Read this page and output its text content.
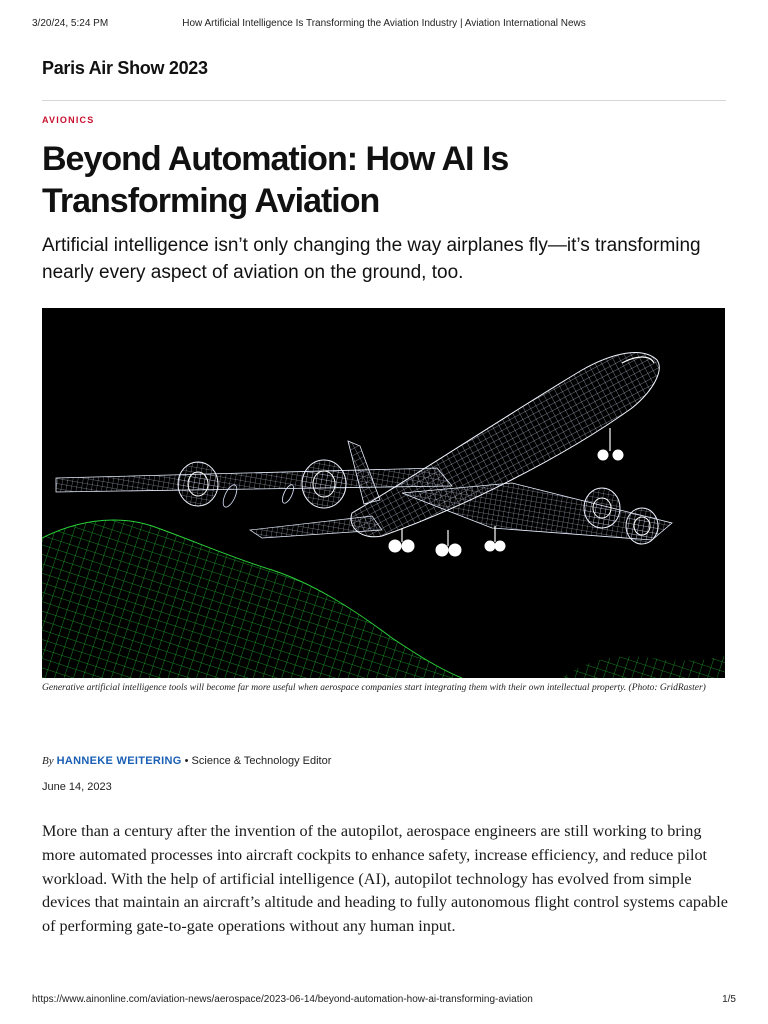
3/20/24, 5:24 PM	How Artificial Intelligence Is Transforming the Aviation Industry | Aviation International News
Paris Air Show 2023
AVIONICS
Beyond Automation: How AI Is Transforming Aviation
Artificial intelligence isn’t only changing the way airplanes fly—it’s transforming nearly every aspect of aviation on the ground, too.
Generative artificial intelligence tools will become far more useful when aerospace companies start integrating them with their own intellectual property. (Photo: GridRaster)
By HANNEKE WEITERING • Science & Technology Editor
June 14, 2023

More than a century after the invention of the autopilot, aerospace engineers are still working to bring more automated processes into aircraft cockpits to enhance safety, increase efficiency, and reduce pilot workload. With the help of artificial intelligence (AI), autopilot technology has evolved from simple devices that maintain an aircraft’s altitude and heading to fully autonomous flight control systems capable of performing gate-to-gate operations without any human input.

https://www.ainonline.com/aviation-news/aerospace/2023-06-14/beyond-automation-how-ai-transforming-aviation	1/5
